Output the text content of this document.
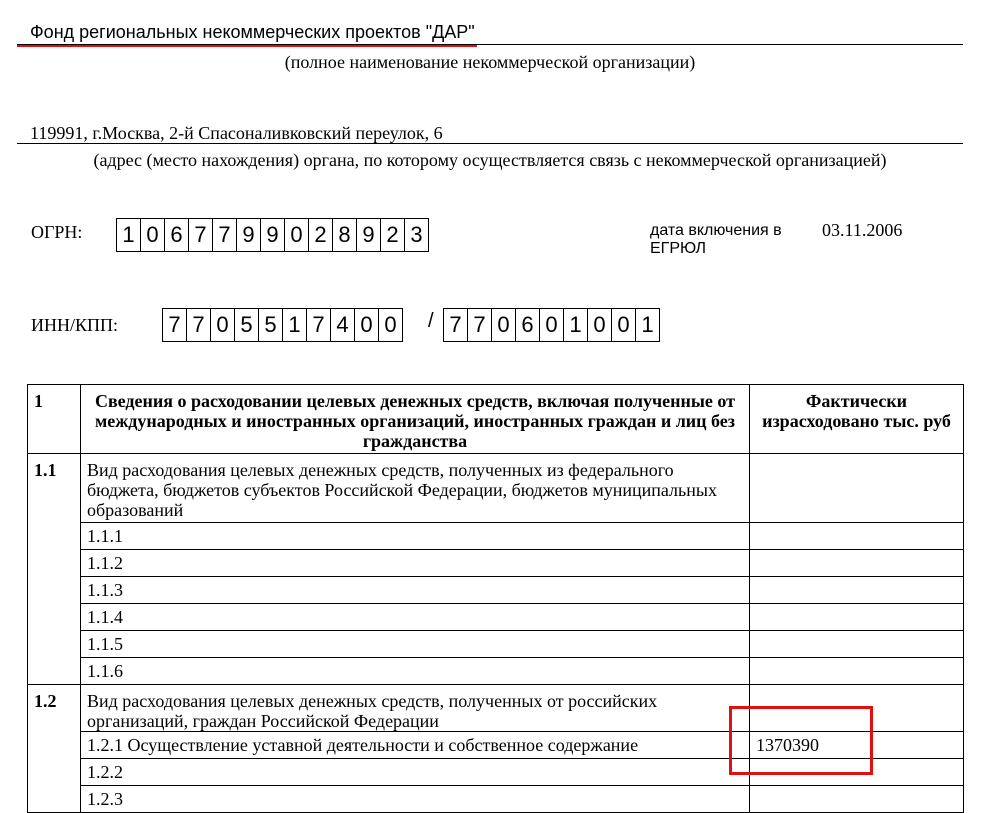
Фонд региональных некоммерческих проектов "ДАР"
(полное наименование некоммерческой организации)
119991, г.Москва, 2-й Спасоналивковский переулок, 6
(адрес (место нахождения) органа, по которому осуществляется связь с некоммерческой организацией)
ОГРН: 1 0 6 7 7 9 9 0 2 8 9 2 3	дата включения в
ЕГРЮЛ
03.11.2006
ИНН/КПП: 7 7 0 5 5 1 7 4 0 0	/ 7 7 0 6 0 1 0 0 1
1	Сведения о расходовании целевых денежных средств, включая полученные от международных и иностранных организаций, иностранных граждан и лиц без гражданства	Фактически израсходовано тыс. руб
1.1	Вид расходования целевых денежных средств, полученных из федерального бюджета, бюджетов субъектов Российской Федерации, бюджетов муниципальных образований	
	1.1.1	
	1.1.2	
	1.1.3	
	1.1.4	
	1.1.5	
	1.1.6	
1.2	Вид расходования целевых денежных средств, полученных от российских организаций, граждан Российской Федерации	
	1.2.1 Осуществление уставной деятельности и собственное содержание	1370390
	1.2.2	
	1.2.3	
